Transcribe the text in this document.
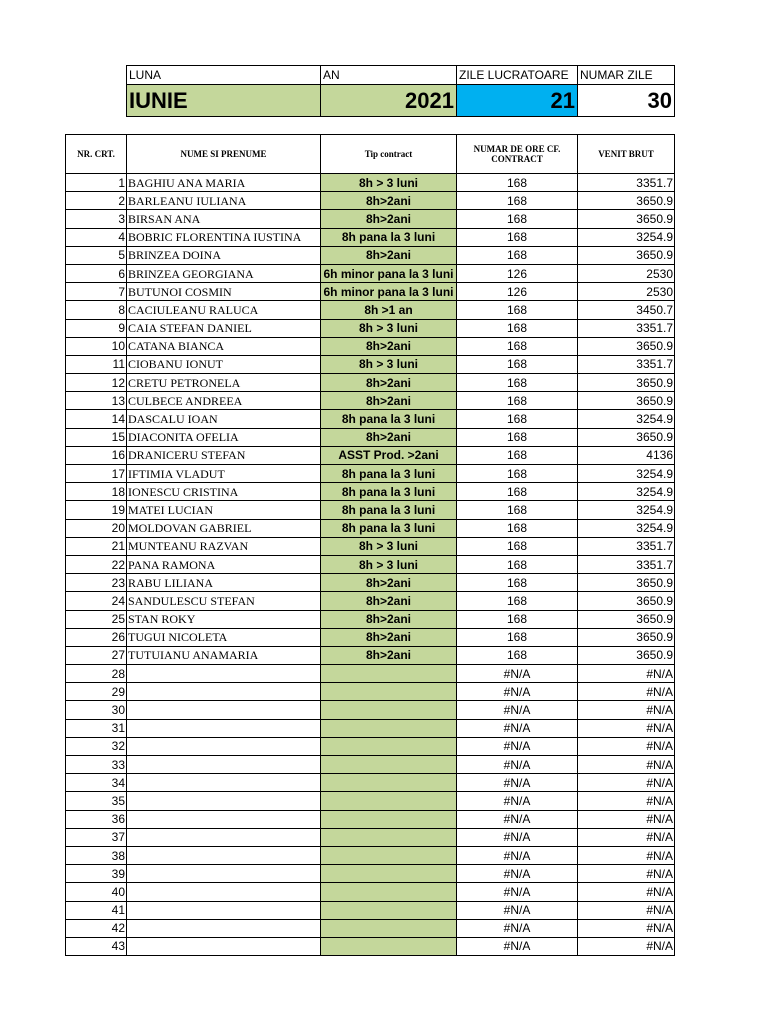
LUNA	AN	ZILE LUCRATOARE	NUMAR ZILE
IUNIE	2021	21	30
NR. CRT.	NUME SI PRENUME	Tip contract	NUMAR DE ORE CF. CONTRACT	VENIT BRUT
1	BAGHIU ANA MARIA	8h > 3 luni	168	3351.7
2	BARLEANU IULIANA	8h>2ani	168	3650.9
3	BIRSAN ANA	8h>2ani	168	3650.9
4	BOBRIC FLORENTINA IUSTINA	8h pana la 3 luni	168	3254.9
5	BRINZEA DOINA	8h>2ani	168	3650.9
6	BRINZEA GEORGIANA	6h minor pana la 3 luni	126	2530
7	BUTUNOI COSMIN	6h minor pana la 3 luni	126	2530
8	CACIULEANU RALUCA	8h >1 an	168	3450.7
9	CAIA STEFAN DANIEL	8h > 3 luni	168	3351.7
10	CATANA BIANCA	8h>2ani	168	3650.9
11	CIOBANU IONUT	8h > 3 luni	168	3351.7
12	CRETU PETRONELA	8h>2ani	168	3650.9
13	CULBECE ANDREEA	8h>2ani	168	3650.9
14	DASCALU IOAN	8h pana la 3 luni	168	3254.9
15	DIACONITA OFELIA	8h>2ani	168	3650.9
16	DRANICERU STEFAN	ASST Prod. >2ani	168	4136
17	IFTIMIA VLADUT	8h pana la 3 luni	168	3254.9
18	IONESCU CRISTINA	8h pana la 3 luni	168	3254.9
19	MATEI LUCIAN	8h pana la 3 luni	168	3254.9
20	MOLDOVAN GABRIEL	8h pana la 3 luni	168	3254.9
21	MUNTEANU RAZVAN	8h > 3 luni	168	3351.7
22	PANA RAMONA	8h > 3 luni	168	3351.7
23	RABU LILIANA	8h>2ani	168	3650.9
24	SANDULESCU STEFAN	8h>2ani	168	3650.9
25	STAN ROKY	8h>2ani	168	3650.9
26	TUGUI NICOLETA	8h>2ani	168	3650.9
27	TUTUIANU ANAMARIA	8h>2ani	168	3650.9
28			#N/A	#N/A
29			#N/A	#N/A
30			#N/A	#N/A
31			#N/A	#N/A
32			#N/A	#N/A
33			#N/A	#N/A
34			#N/A	#N/A
35			#N/A	#N/A
36			#N/A	#N/A
37			#N/A	#N/A
38			#N/A	#N/A
39			#N/A	#N/A
40			#N/A	#N/A
41			#N/A	#N/A
42			#N/A	#N/A
43			#N/A	#N/A
